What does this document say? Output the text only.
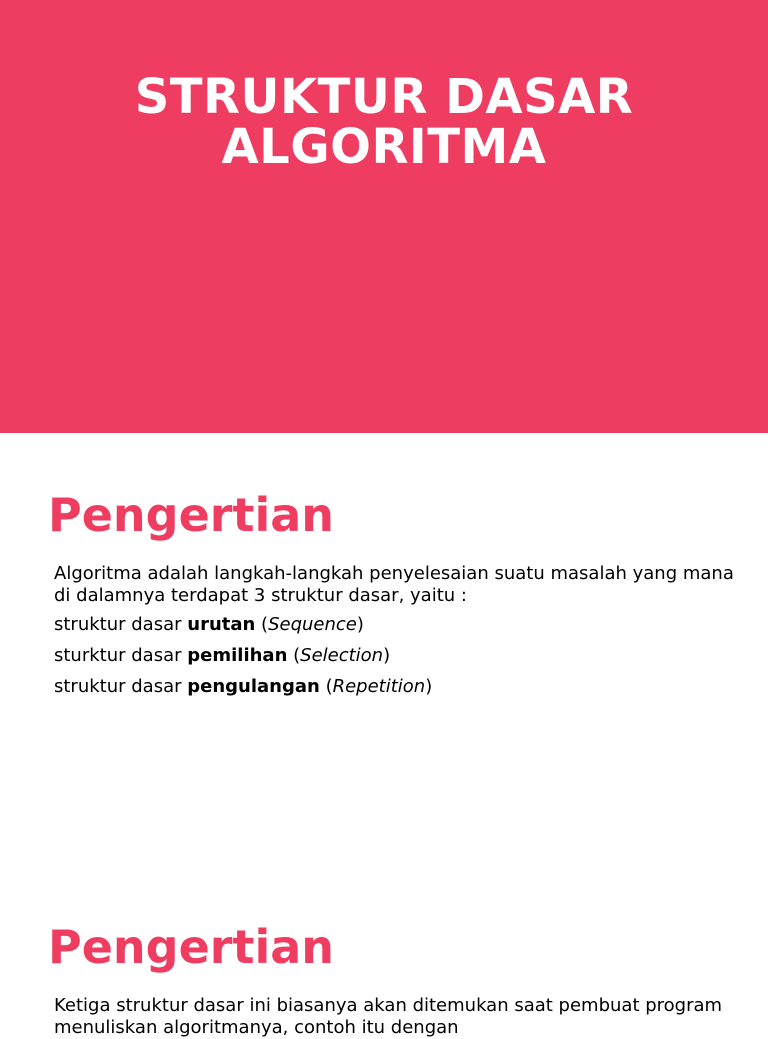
STRUKTUR DASAR
ALGORITMA
Pengertian
Algoritma adalah langkah-langkah penyelesaian suatu masalah yang mana di dalamnya terdapat 3 struktur dasar, yaitu :
struktur dasar urutan (Sequence)
sturktur dasar pemilihan (Selection)
struktur dasar pengulangan (Repetition)
Pengertian
Ketiga struktur dasar ini biasanya akan ditemukan saat pembuat program menuliskan algoritmanya, contoh itu dengan
